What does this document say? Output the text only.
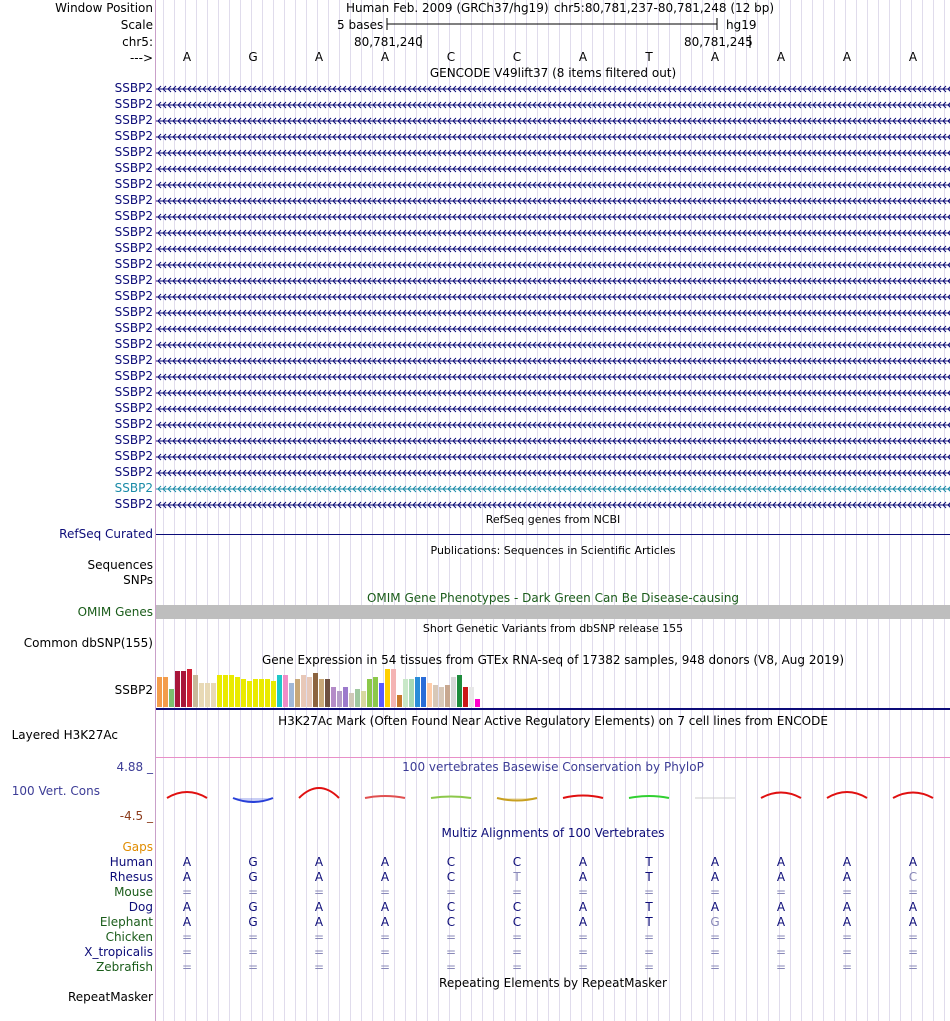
Window Position
Scale
chr5:
--->
SSBP2
SSBP2
SSBP2
SSBP2
SSBP2
SSBP2
SSBP2
SSBP2
SSBP2
SSBP2
SSBP2
SSBP2
SSBP2
SSBP2
SSBP2
SSBP2
SSBP2
SSBP2
SSBP2
SSBP2
SSBP2
SSBP2
SSBP2
SSBP2
SSBP2
SSBP2
SSBP2
RefSeq Curated
Sequences
SNPs
OMIM Genes
Common dbSNP(155)
SSBP2
Layered H3K27Ac
4.88 _
100 Vert. Cons
-4.5 _
Gaps
Human
Rhesus
Mouse
Dog
Elephant
Chicken
X_tropicalis
Zebrafish
RepeatMasker
Human Feb. 2009 (GRCh37/hg19) chr5:80,781,237-80,781,248 (12 bp)
5 bases	hg19
80,781,240	80,781,245
A	G	A	A	C	C	A	T	A	A	A	A
GENCODE V49lift37 (8 items filtered out)
RefSeq genes from NCBI
Publications: Sequences in Scientific Articles
OMIM Gene Phenotypes - Dark Green Can Be Disease-causing
Short Genetic Variants from dbSNP release 155
Gene Expression in 54 tissues from GTEx RNA-seq of 17382 samples, 948 donors (V8, Aug 2019)
H3K27Ac Mark (Often Found Near Active Regulatory Elements) on 7 cell lines from ENCODE
100 vertebrates Basewise Conservation by PhyloP
Multiz Alignments of 100 Vertebrates
A	G	A	A	C	C	A	T	A	A	A	A
A	G	A	A	C	T	A	T	A	A	A	C
=	=	=	=	=	=	=	=	=	=	=	=
A	G	A	A	C	C	A	T	A	A	A	A
A	G	A	A	C	C	A	T	G	A	A	A
=	=	=	=	=	=	=	=	=	=	=	=
=	=	=	=	=	=	=	=	=	=	=	=
=	=	=	=	=	=	=	=	=	=	=	=
Repeating Elements by RepeatMasker
